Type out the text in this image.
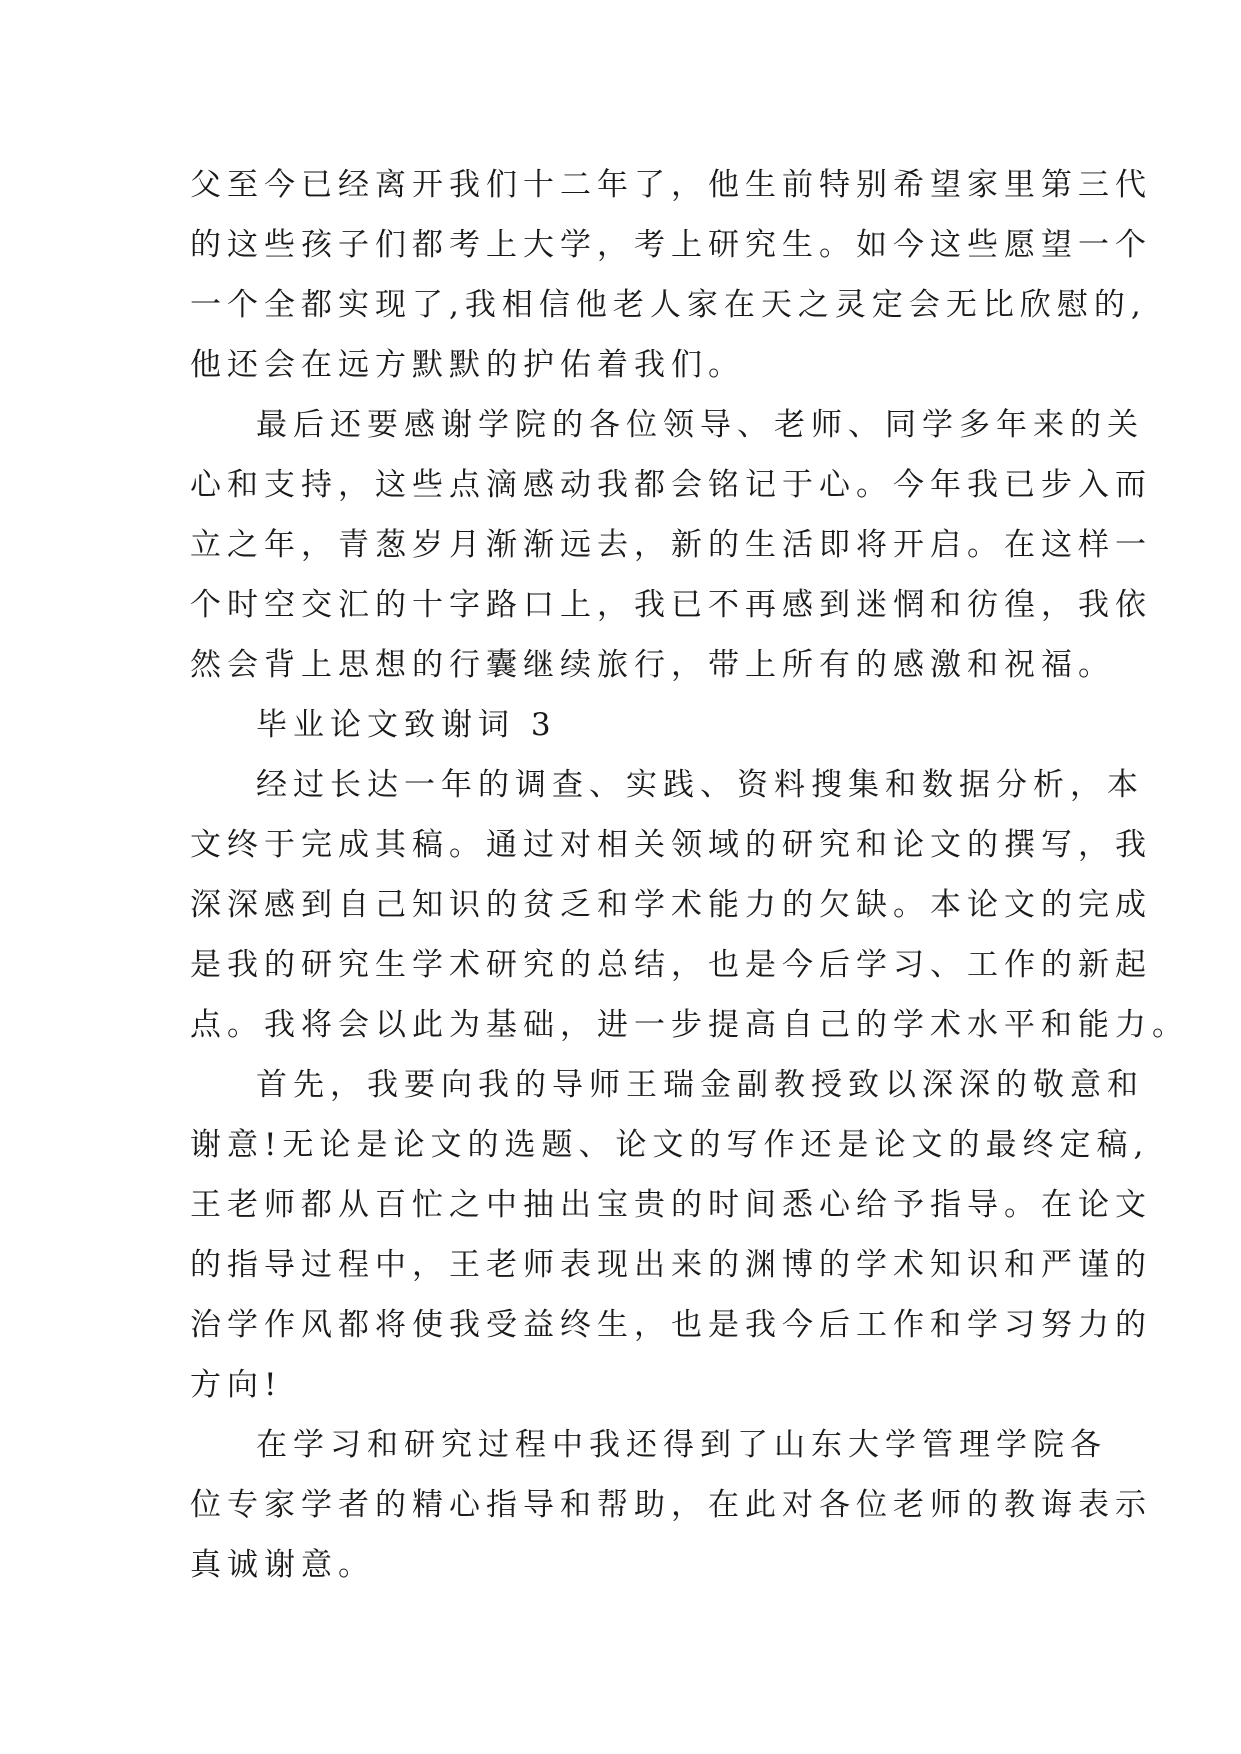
父至今已经离开我们十二年了，他生前特别希望家里第三代

的这些孩子们都考上大学，考上研究生。如今这些愿望一个

一个全都实现了,我相信他老人家在天之灵定会无比欣慰的,

他还会在远方默默的护佑着我们。

最后还要感谢学院的各位领导、老师、同学多年来的关

心和支持，这些点滴感动我都会铭记于心。今年我已步入而

立之年，青葱岁月渐渐远去，新的生活即将开启。在这样一

个时空交汇的十字路口上，我已不再感到迷惘和彷徨，我依

然会背上思想的行囊继续旅行，带上所有的感激和祝福。

毕业论文致谢词 3

经过长达一年的调查、实践、资料搜集和数据分析，本

文终于完成其稿。通过对相关领域的研究和论文的撰写，我

深深感到自己知识的贫乏和学术能力的欠缺。本论文的完成

是我的研究生学术研究的总结，也是今后学习、工作的新起

点。我将会以此为基础，进一步提高自己的学术水平和能力。

首先，我要向我的导师王瑞金副教授致以深深的敬意和

谢意!无论是论文的选题、论文的写作还是论文的最终定稿,

王老师都从百忙之中抽出宝贵的时间悉心给予指导。在论文

的指导过程中，王老师表现出来的渊博的学术知识和严谨的

治学作风都将使我受益终生，也是我今后工作和学习努力的

方向!

在学习和研究过程中我还得到了山东大学管理学院各

位专家学者的精心指导和帮助，在此对各位老师的教诲表示

真诚谢意。
